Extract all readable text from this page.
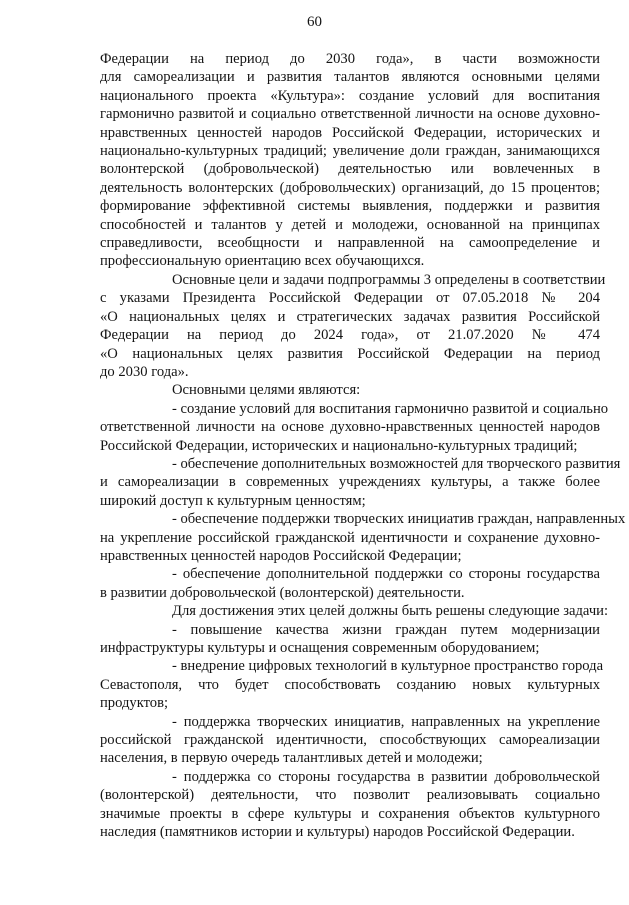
60

Федерации на период до 2030 года», в части возможности
для самореализации и развития талантов являются основными целями
национального проекта «Культура»: создание условий для воспитания
гармонично развитой и социально ответственной личности на основе духовно-
нравственных ценностей народов Российской Федерации, исторических и
национально-культурных традиций; увеличение доли граждан, занимающихся
волонтерской (добровольческой) деятельностью или вовлеченных в
деятельность волонтерских (добровольческих) организаций, до 15 процентов;
формирование эффективной системы выявления, поддержки и развития
способностей и талантов у детей и молодежи, основанной на принципах
справедливости, всеобщности и направленной на самоопределение и
профессиональную ориентацию всех обучающихся.

Основные цели и задачи подпрограммы 3 определены в соответствии
с указами Президента Российской Федерации от 07.05.2018 № 204
«О национальных целях и стратегических задачах развития Российской
Федерации на период до 2024 года», от 21.07.2020 № 474
«О национальных целях развития Российской Федерации на период
до 2030 года».

Основными целями являются:

- создание условий для воспитания гармонично развитой и социально
ответственной личности на основе духовно-нравственных ценностей народов
Российской Федерации, исторических и национально-культурных традиций;

- обеспечение дополнительных возможностей для творческого развития
и самореализации в современных учреждениях культуры, а также более
широкий доступ к культурным ценностям;

- обеспечение поддержки творческих инициатив граждан, направленных
на укрепление российской гражданской идентичности и сохранение духовно-
нравственных ценностей народов Российской Федерации;

- обеспечение дополнительной поддержки со стороны государства
в развитии добровольческой (волонтерской) деятельности.

Для достижения этих целей должны быть решены следующие задачи:

- повышение качества жизни граждан путем модернизации
инфраструктуры культуры и оснащения современным оборудованием;

- внедрение цифровых технологий в культурное пространство города
Севастополя, что будет способствовать созданию новых культурных
продуктов;

- поддержка творческих инициатив, направленных на укрепление
российской гражданской идентичности, способствующих самореализации
населения, в первую очередь талантливых детей и молодежи;

- поддержка со стороны государства в развитии добровольческой
(волонтерской) деятельности, что позволит реализовывать социально
значимые проекты в сфере культуры и сохранения объектов культурного
наследия (памятников истории и культуры) народов Российской Федерации.
